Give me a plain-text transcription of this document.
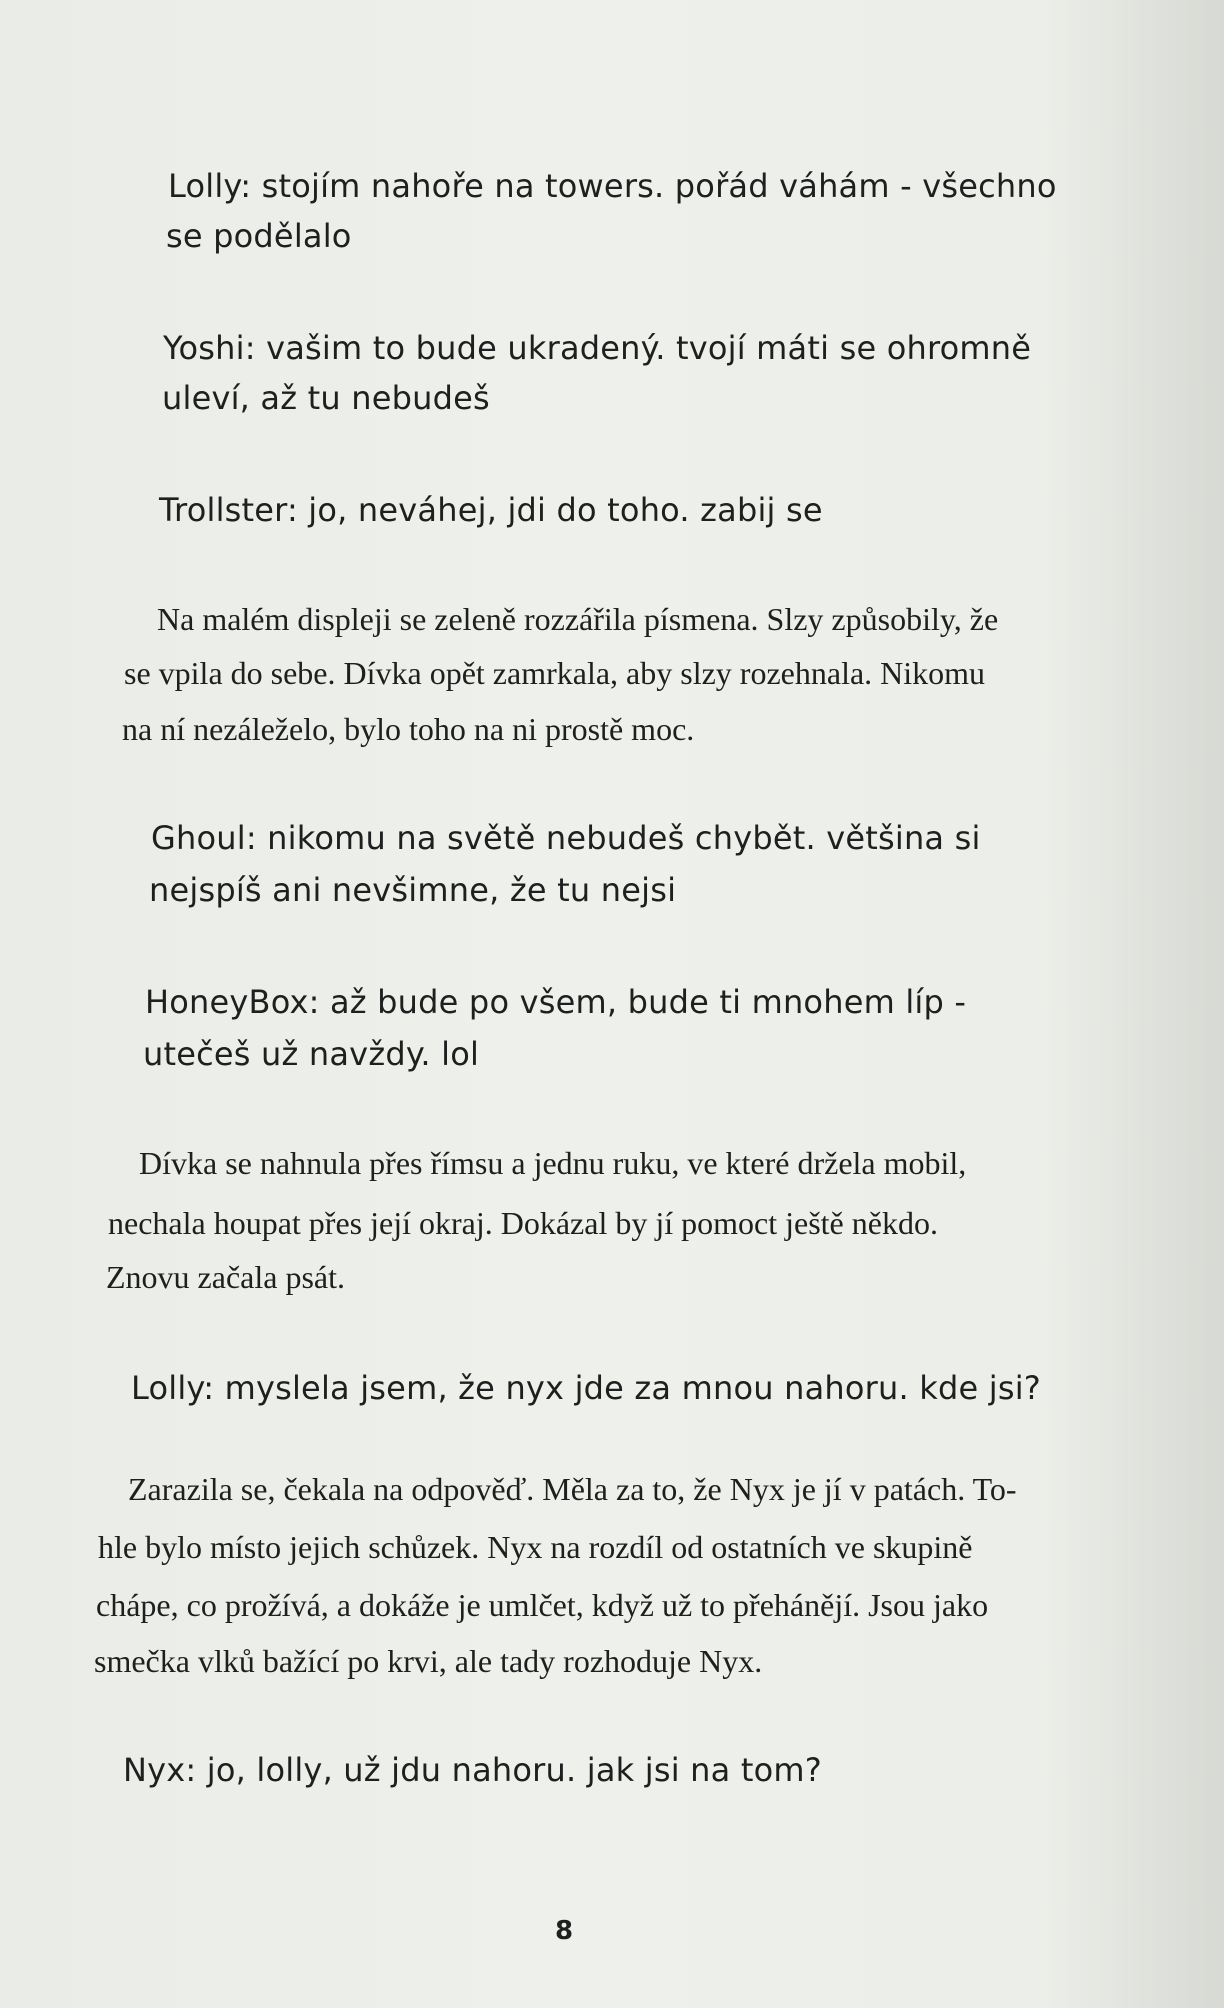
Lolly: stojím nahoře na towers. pořád váhám - všechno
se podělalo
Yoshi: vašim to bude ukradený. tvojí máti se ohromně
uleví, až tu nebudeš
Trollster: jo, neváhej, jdi do toho. zabij se
Na malém displeji se zeleně rozzářila písmena. Slzy způsobily, že
se vpila do sebe. Dívka opět zamrkala, aby slzy rozehnala. Nikomu
na ní nezáleželo, bylo toho na ni prostě moc.
Ghoul: nikomu na světě nebudeš chybět. většina si
nejspíš ani nevšimne, že tu nejsi
HoneyBox: až bude po všem, bude ti mnohem líp -
utečeš už navždy. lol
Dívka se nahnula přes římsu a jednu ruku, ve které držela mobil,
nechala houpat přes její okraj. Dokázal by jí pomoct ještě někdo.
Znovu začala psát.
Lolly: myslela jsem, že nyx jde za mnou nahoru. kde jsi?
Zarazila se, čekala na odpověď. Měla za to, že Nyx je jí v patách. To-
hle bylo místo jejich schůzek. Nyx na rozdíl od ostatních ve skupině
chápe, co prožívá, a dokáže je umlčet, když už to přehánějí. Jsou jako
smečka vlků bažící po krvi, ale tady rozhoduje Nyx.
Nyx: jo, lolly, už jdu nahoru. jak jsi na tom?
8
